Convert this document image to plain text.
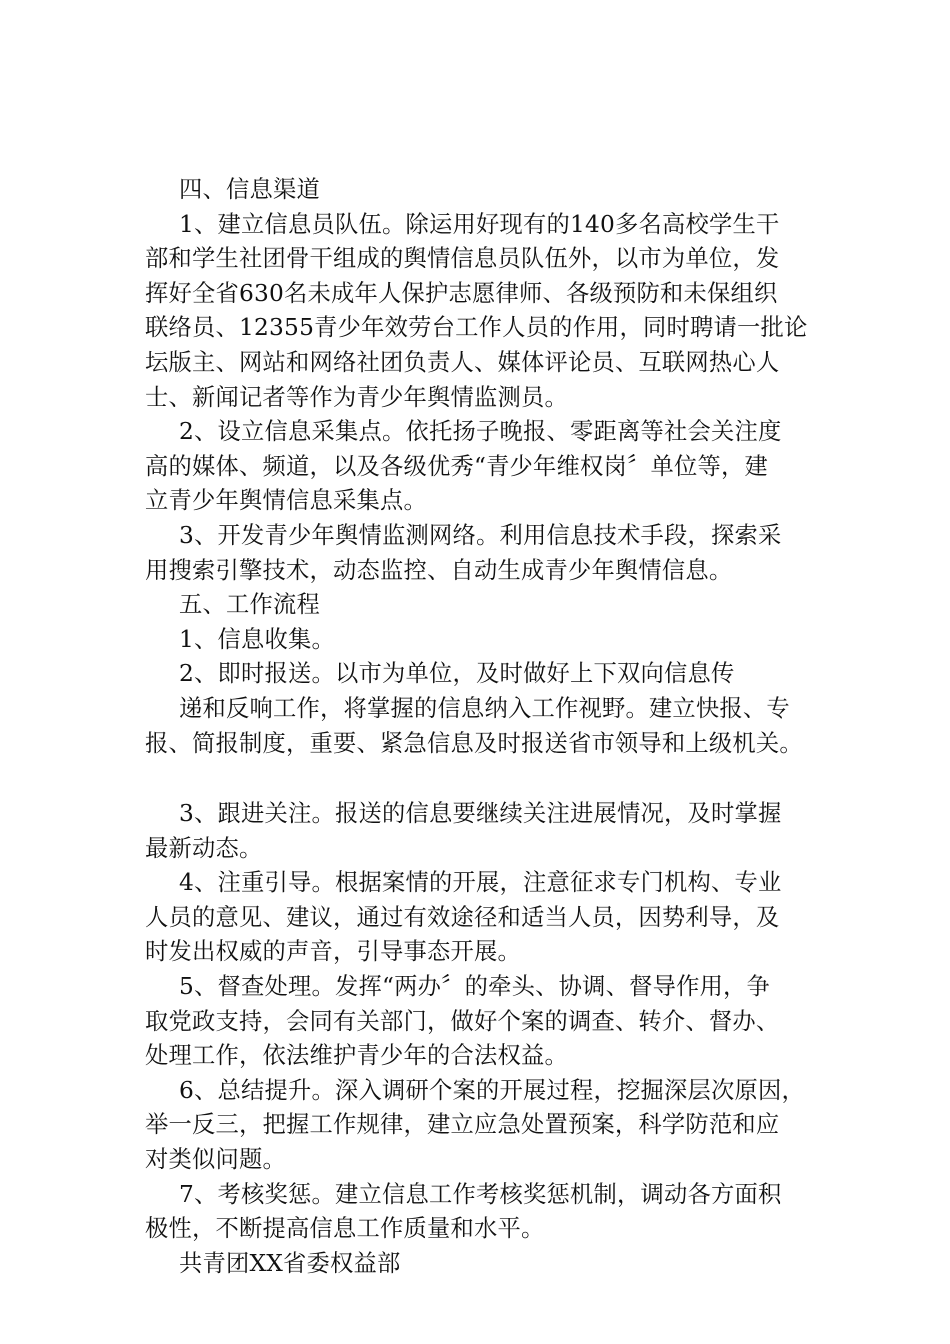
四、信息渠道
1、建立信息员队伍。除运用好现有的140多名高校学生干
部和学生社团骨干组成的舆情信息员队伍外，以市为单位，发
挥好全省630名未成年人保护志愿律师、各级预防和未保组织
联络员、12355青少年效劳台工作人员的作用，同时聘请一批论
坛版主、网站和网络社团负责人、媒体评论员、互联网热心人
士、新闻记者等作为青少年舆情监测员。
2、设立信息采集点。依托扬子晚报、零距离等社会关注度
高的媒体、频道，以及各级优秀“青少年维权岗〞单位等，建
立青少年舆情信息采集点。
3、开发青少年舆情监测网络。利用信息技术手段，探索采
用搜索引擎技术，动态监控、自动生成青少年舆情信息。
五、工作流程
1、信息收集。
2、即时报送。以市为单位，及时做好上下双向信息传
递和反响工作，将掌握的信息纳入工作视野。建立快报、专
报、简报制度，重要、紧急信息及时报送省市领导和上级机关。
3、跟进关注。报送的信息要继续关注进展情况，及时掌握
最新动态。
4、注重引导。根据案情的开展，注意征求专门机构、专业
人员的意见、建议，通过有效途径和适当人员，因势利导，及
时发出权威的声音，引导事态开展。
5、督查处理。发挥“两办〞的牵头、协调、督导作用，争
取党政支持，会同有关部门，做好个案的调查、转介、督办、
处理工作，依法维护青少年的合法权益。
6、总结提升。深入调研个案的开展过程，挖掘深层次原因，
举一反三，把握工作规律，建立应急处置预案，科学防范和应
对类似问题。
7、考核奖惩。建立信息工作考核奖惩机制，调动各方面积
极性，不断提高信息工作质量和水平。
共青团XX省委权益部
